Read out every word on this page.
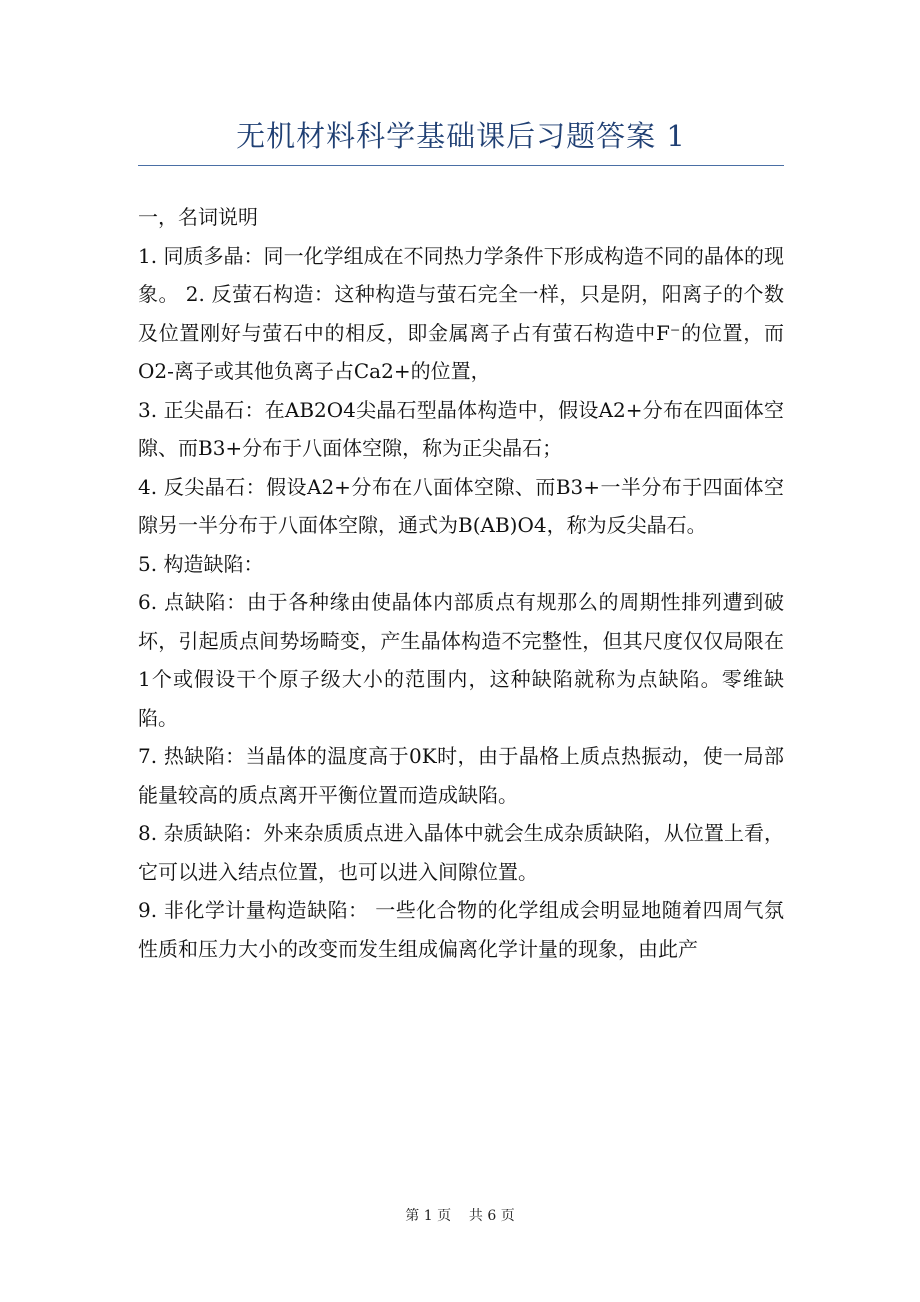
无机材料科学基础课后习题答案 1

一，名词说明

1. 同质多晶：同一化学组成在不同热力学条件下形成构造不同的晶体的现象。 2. 反萤石构造：这种构造与萤石完全一样，只是阴，阳离子的个数及位置刚好与萤石中的相反，即金属离子占有萤石构造中F⁻的位置，而O2-离子或其他负离子占Ca2+的位置，

3. 正尖晶石：在AB2O4尖晶石型晶体构造中，假设A2+分布在四面体空隙、而B3+分布于八面体空隙，称为正尖晶石；

4. 反尖晶石：假设A2+分布在八面体空隙、而B3+一半分布于四面体空隙另一半分布于八面体空隙，通式为B(AB)O4，称为反尖晶石。

5. 构造缺陷：

6. 点缺陷：由于各种缘由使晶体内部质点有规那么的周期性排列遭到破坏，引起质点间势场畸变，产生晶体构造不完整性，但其尺度仅仅局限在1个或假设干个原子级大小的范围内，这种缺陷就称为点缺陷。零维缺陷。

7. 热缺陷：当晶体的温度高于0K时，由于晶格上质点热振动，使一局部能量较高的质点离开平衡位置而造成缺陷。

8. 杂质缺陷：外来杂质质点进入晶体中就会生成杂质缺陷，从位置上看，它可以进入结点位置，也可以进入间隙位置。

9. 非化学计量构造缺陷： 一些化合物的化学组成会明显地随着四周气氛性质和压力大小的改变而发生组成偏离化学计量的现象，由此产

第 1 页    共 6 页
